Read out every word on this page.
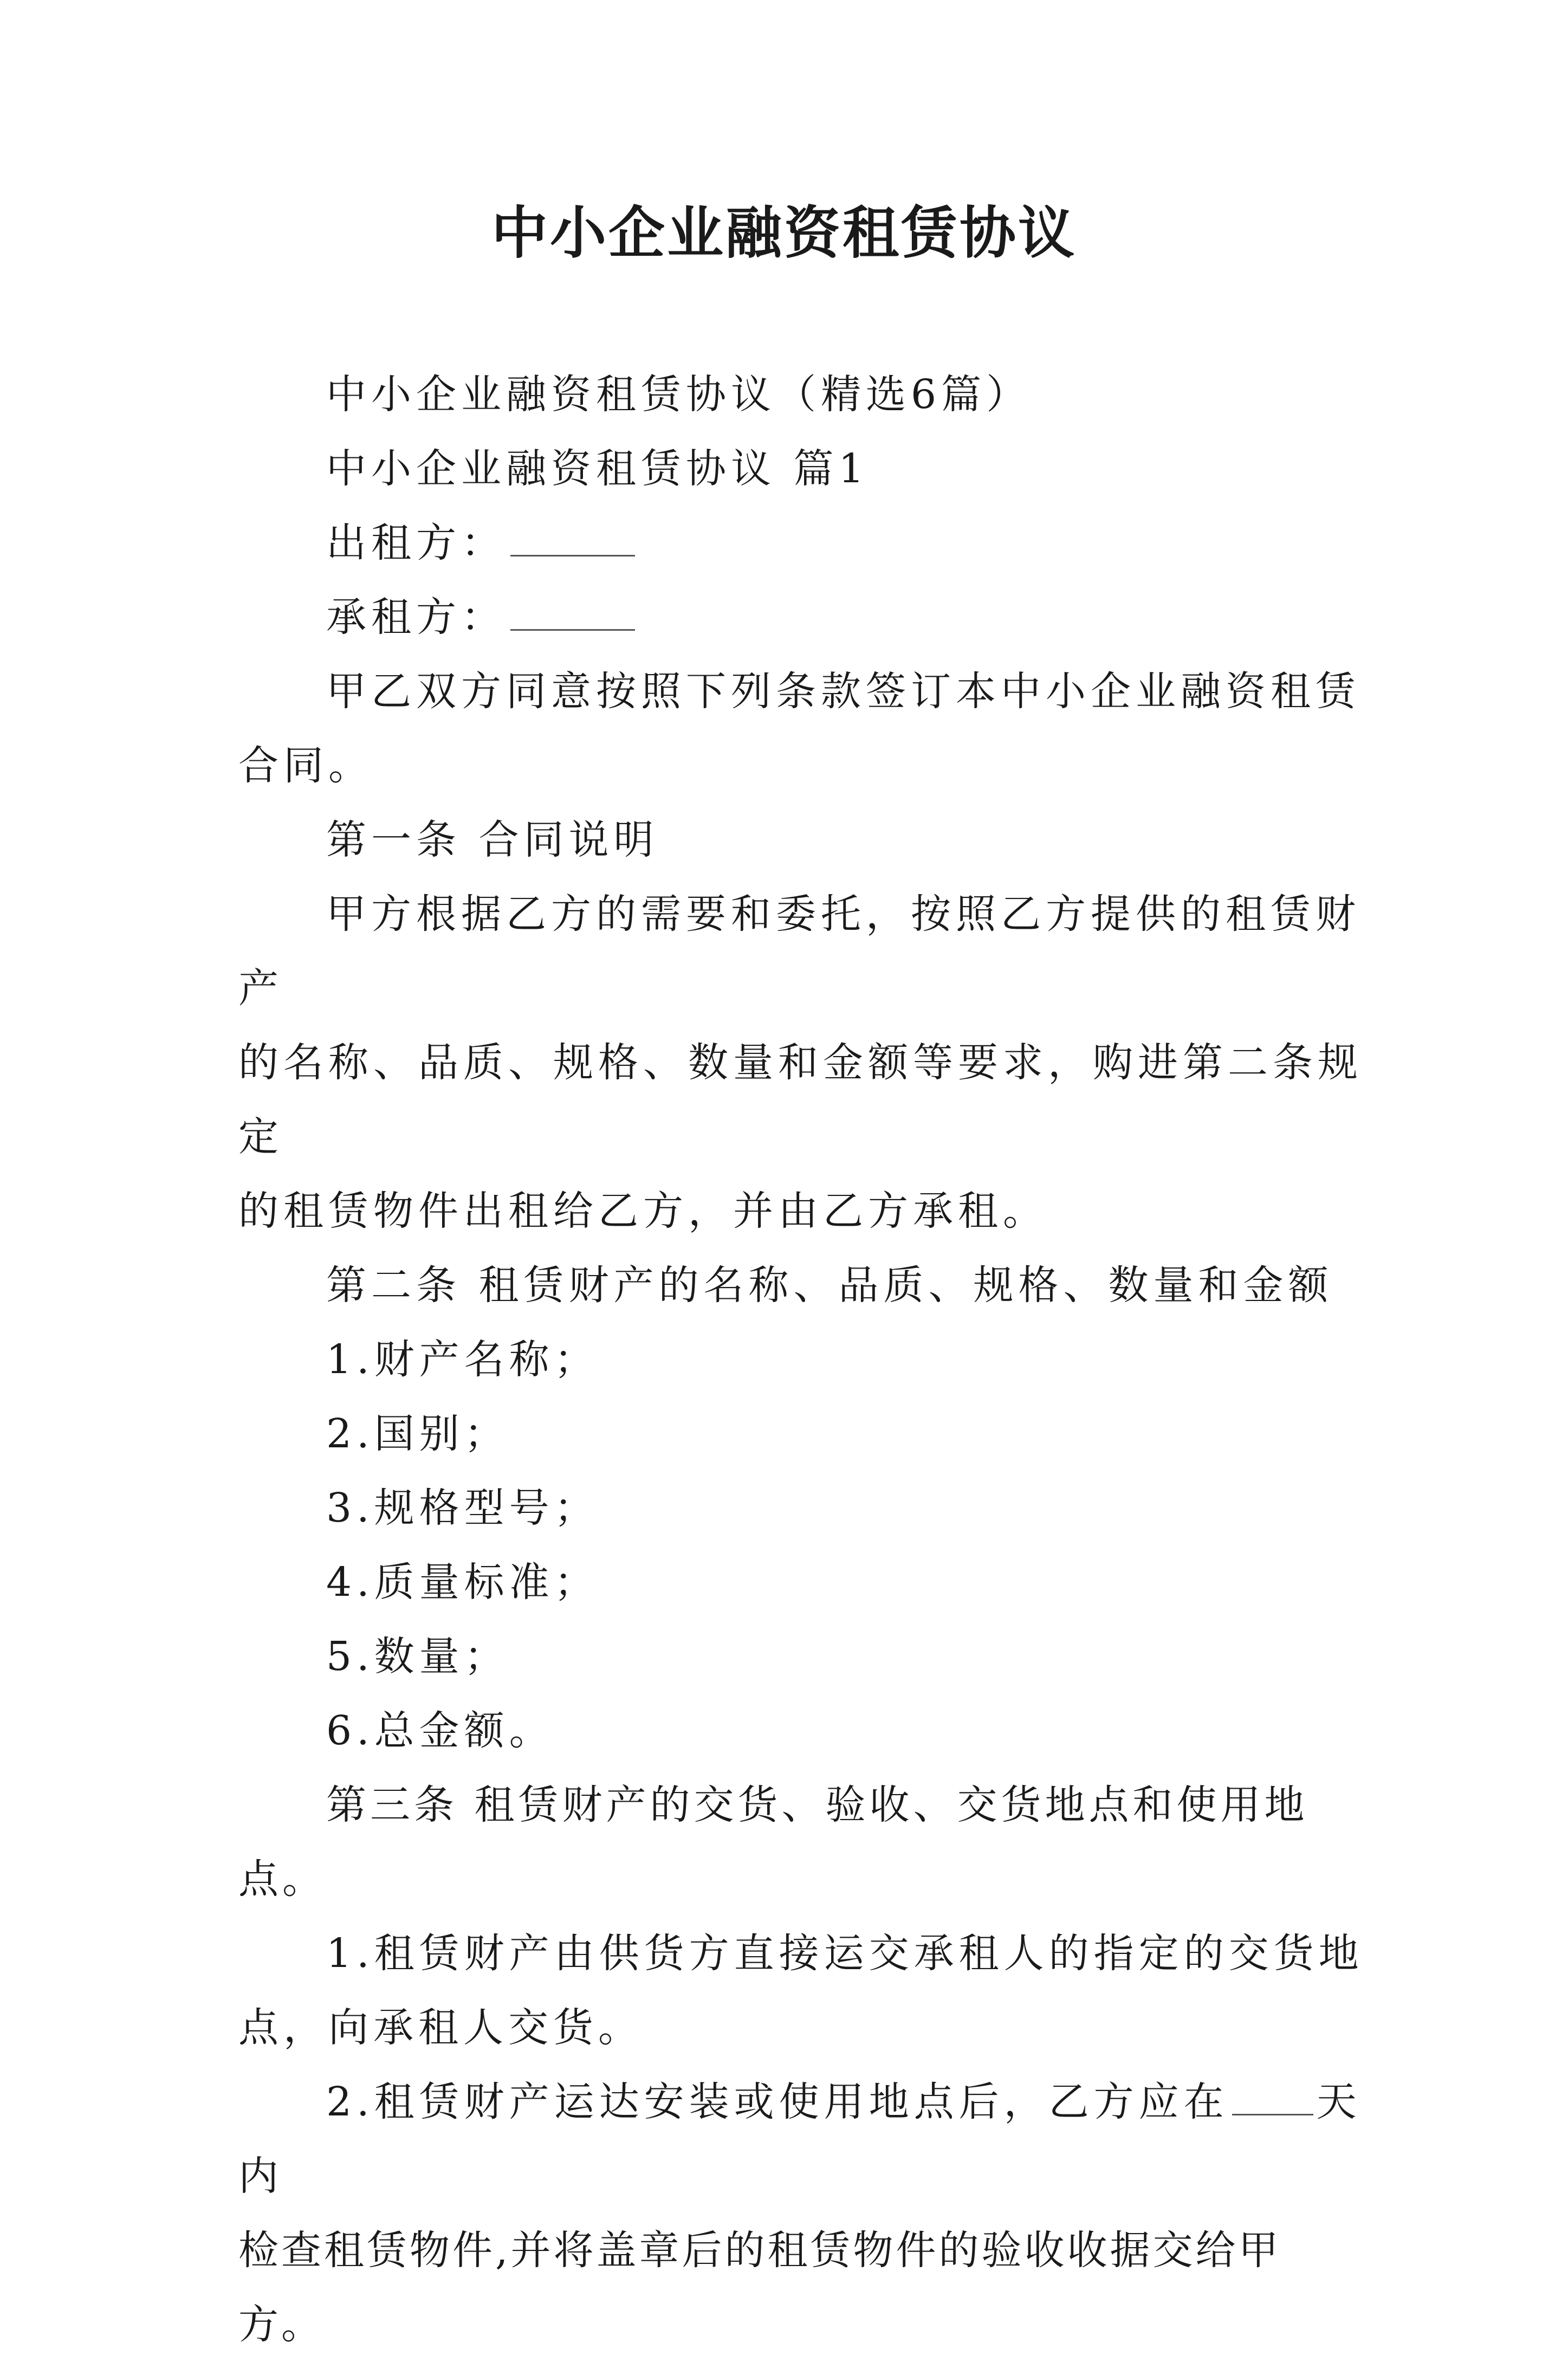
中小企业融资租赁协议

中小企业融资租赁协议（精选6篇）

中小企业融资租赁协议 篇1

出租方：

承租方：

甲乙双方同意按照下列条款签订本中小企业融资租赁
合同。

第一条 合同说明

甲方根据乙方的需要和委托，按照乙方提供的租赁财产
的名称、品质、规格、数量和金额等要求，购进第二条规定
的租赁物件出租给乙方，并由乙方承租。

第二条 租赁财产的名称、品质、规格、数量和金额

1.财产名称；

2.国别；

3.规格型号；

4.质量标准；

5.数量；

6.总金额。

第三条 租赁财产的交货、验收、交货地点和使用地点。

1.租赁财产由供货方直接运交承租人的指定的交货地
点，向承租人交货。

2.租赁财产运达安装或使用地点后，乙方应在 天内
检查租赁物件,并将盖章后的租赁物件的验收收据交给甲方。
